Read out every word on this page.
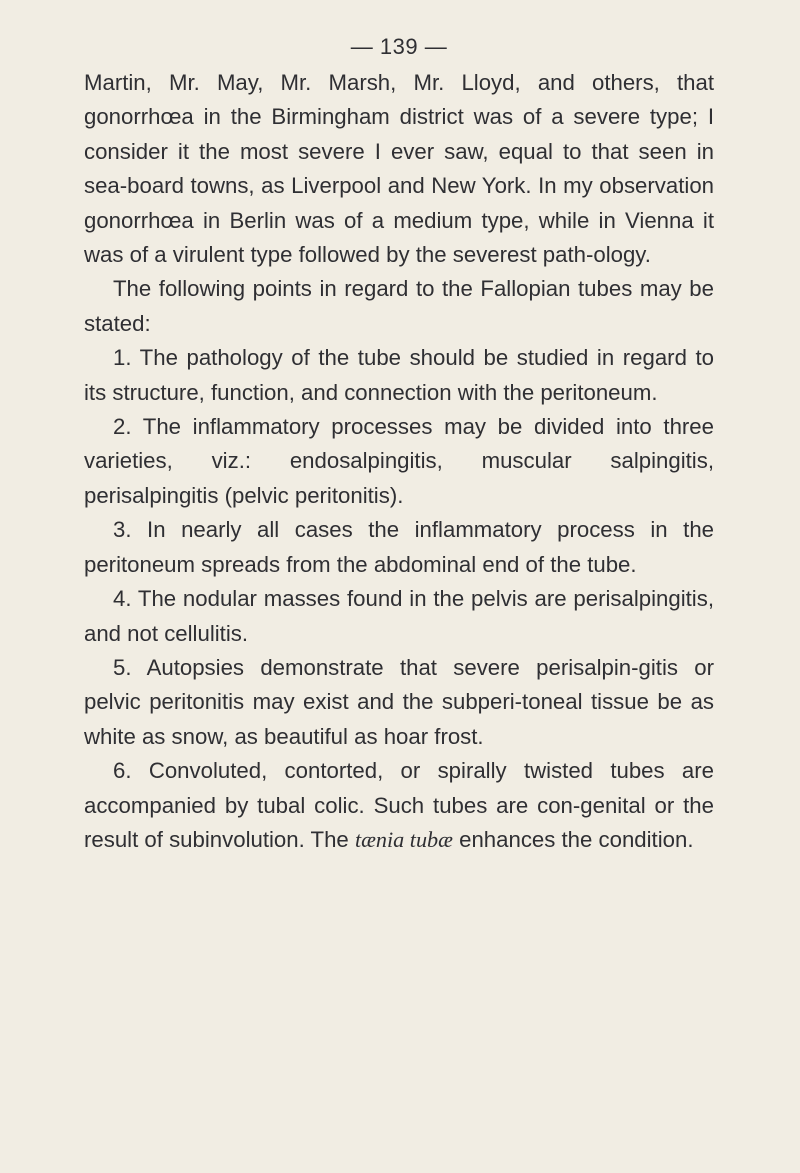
— 139 —

Martin, Mr. May, Mr. Marsh, Mr. Lloyd, and others, that gonorrhœa in the Birmingham district was of a severe type; I consider it the most severe I ever saw, equal to that seen in sea-board towns, as Liverpool and New York. In my observation gonorrhœa in Berlin was of a medium type, while in Vienna it was of a virulent type followed by the severest path-ology.

The following points in regard to the Fallopian tubes may be stated:

1. The pathology of the tube should be studied in regard to its structure, function, and connection with the peritoneum.

2. The inflammatory processes may be divided into three varieties, viz.: endosalpingitis, muscular salpingitis, perisalpingitis (pelvic peritonitis).

3. In nearly all cases the inflammatory process in the peritoneum spreads from the abdominal end of the tube.

4. The nodular masses found in the pelvis are perisalpingitis, and not cellulitis.

5. Autopsies demonstrate that severe perisalpin-gitis or pelvic peritonitis may exist and the subperi-toneal tissue be as white as snow, as beautiful as hoar frost.

6. Convoluted, contorted, or spirally twisted tubes are accompanied by tubal colic. Such tubes are con-genital or the result of subinvolution. The tænia tubæ enhances the condition.
